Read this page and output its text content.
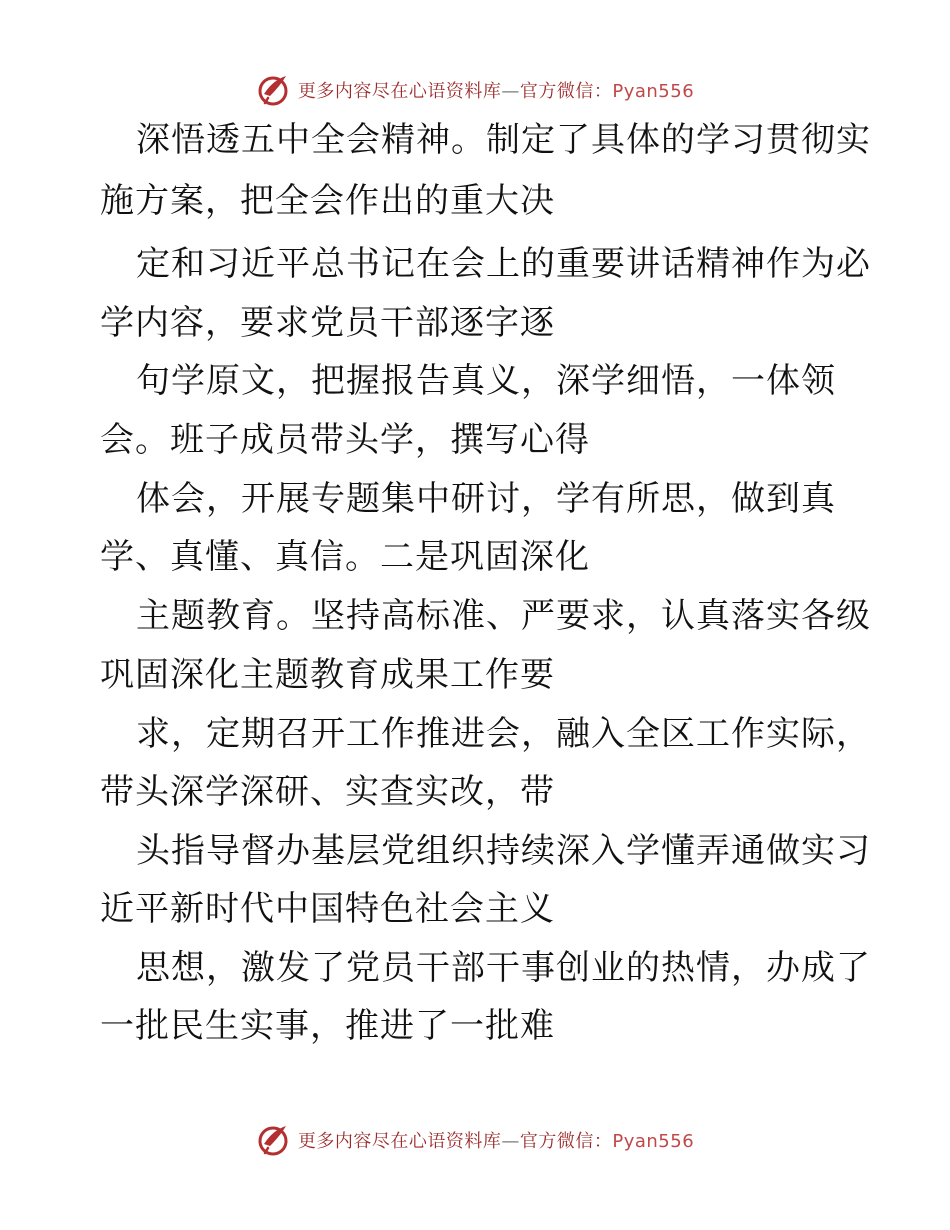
更多内容尽在心语资料库—官方微信：Pyan556
深悟透五中全会精神。制定了具体的学习贯彻实
施方案，把全会作出的重大决
定和习近平总书记在会上的重要讲话精神作为必
学内容，要求党员干部逐字逐
句学原文，把握报告真义，深学细悟，一体领
会。班子成员带头学，撰写心得
体会，开展专题集中研讨，学有所思，做到真
学、真懂、真信。二是巩固深化
主题教育。坚持高标准、严要求，认真落实各级
巩固深化主题教育成果工作要
求，定期召开工作推进会，融入全区工作实际，
带头深学深研、实查实改，带
头指导督办基层党组织持续深入学懂弄通做实习
近平新时代中国特色社会主义
思想，激发了党员干部干事创业的热情，办成了
一批民生实事，推进了一批难
更多内容尽在心语资料库—官方微信：Pyan556
